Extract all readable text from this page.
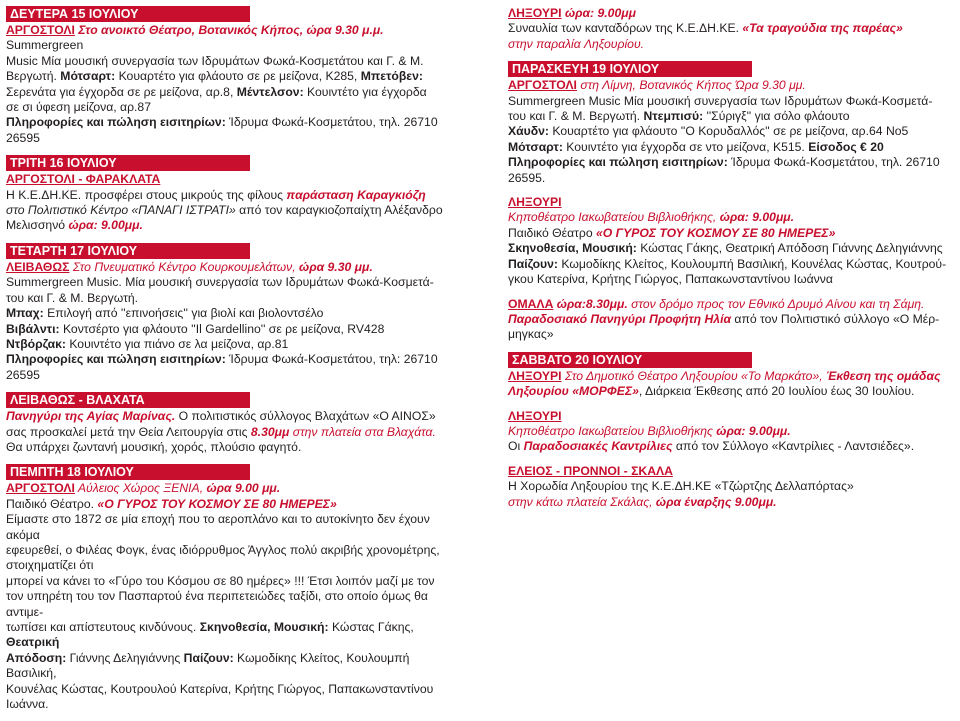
ΔΕΥΤΕΡΑ 15 ΙΟΥΛΙΟΥ

ΑΡΓΟΣΤΟΛΙ Στο ανοικτό Θέατρο, Βοτανικός Κήπος, ώρα 9.30 μ.μ. Summergreen

Music Μία μουσική συνεργασία των Ιδρυμάτων Φωκά-Κοσμετάτου και Γ. & Μ.

Βεργωτή. Μότσαρτ: Κουαρτέτο για φλάουτο σε ρε μείζονα, Κ285, Μπετόβεν:

Σερενάτα για έγχορδα σε ρε μείζονα, αρ.8, Μέντελσον: Κουιντέτο για έγχορδα

σε σι ύφεση μείζονα, αρ.87

Πληροφορίες και πώληση εισιτηρίων: Ίδρυμα Φωκά-Κοσμετάτου, τηλ. 26710 26595

ΤΡΙΤΗ 16 ΙΟΥΛΙΟΥ

ΑΡΓΟΣΤΟΛΙ - ΦΑΡΑΚΛΑΤΑ

Η Κ.Ε.ΔΗ.ΚΕ. προσφέρει στους μικρούς της φίλους παράσταση Καραγκιόζη

στο Πολιτιστικό Κέντρο «ΠΑΝΑΓΙ ΙΣΤΡΑΤΙ» από τον καραγκιοζοπαίχτη Αλέξανδρο

Μελισσηνό ώρα: 9.00μμ.

ΤΕΤΑΡΤΗ 17 ΙΟΥΛΙΟΥ

ΛΕΙΒΑΘΩΣ Στο Πνευματικό Κέντρο Κουρκουμελάτων, ώρα 9.30 μμ.

Summergreen Music. Μία μουσική συνεργασία των Ιδρυμάτων Φωκά-Κοσμετά-

του και Γ. & Μ. Βεργωτή.

Μπαχ: Επιλογή από ''επινοήσεις'' για βιολί και βιολοντσέλο

Βιβάλντι: Κοντσέρτο για φλάουτο ''Il Gardellino'' σε ρε μείζονα, RV428

Ντβόρζακ: Κουιντέτο για πιάνο σε λα μείζονα, αρ.81

Πληροφορίες και πώληση εισιτηρίων: Ίδρυμα Φωκά-Κοσμετάτου, τηλ: 26710 26595

ΛΕΙΒΑΘΩΣ - ΒΛΑΧΑΤΑ

Πανηγύρι της Αγίας Μαρίνας. Ο πολιτιστικός σύλλογος Βλαχάτων «Ο ΑΙΝΟΣ»

σας προσκαλεί μετά την Θεία Λειτουργία στις 8.30μμ στην πλατεία στα Βλαχάτα.

Θα υπάρχει ζωντανή μουσική, χορός, πλούσιο φαγητό.

ΠΕΜΠΤΗ 18 ΙΟΥΛΙΟΥ

ΑΡΓΟΣΤΟΛΙ Αύλειος Χώρος ΞΕΝΙΑ, ώρα 9.00 μμ.

Παιδικό Θέατρο. «Ο ΓΥΡΟΣ ΤΟΥ ΚΟΣΜΟΥ ΣΕ 80 ΗΜΕΡΕΣ»

Είμαστε στο 1872 σε μία εποχή που το αεροπλάνο και το αυτοκίνητο δεν έχουν ακόμα

εφευρεθεί, ο Φιλέας Φογκ, ένας ιδιόρρυθμος Άγγλος πολύ ακριβής χρονομέτρης, στοιχηματίζει ότι

μπορεί να κάνει το «Γύρο του Κόσμου σε 80 ημέρες» !!! Έτσι λοιπόν μαζί με τον

τον υπηρέτη του τον Πασπαρτού ένα περιπετειώδες ταξίδι, στο οποίο όμως θα αντιμε-

τωπίσει και απίστευτους κινδύνους. Σκηνοθεσία, Μουσική: Κώστας Γάκης, Θεατρική

Απόδοση: Γιάννης Δεληγιάννης Παίζουν: Κωμοδίκης Κλείτος, Κουλουμπή Βασιλική,

Κουνέλας Κώστας, Κουτρουλού Κατερίνα, Κρήτης Γιώργος, Παπακωνσταντίνου Ιωάννα.

ΛΗΞΟΥΡΙ ώρα: 9.00μμ

Συναυλία των καντα̇δόρων της Κ.Ε.ΔΗ.ΚΕ. «Τα τραγούδια της παρέας»

στην παραλία Ληξουρίου.

ΠΑΡΑΣΚΕΥΗ 19 ΙΟΥΛΙΟΥ

ΑΡΓΟΣΤΟΛΙ στη Λίμνη, Βοτανικός Κήπος Ώρα 9.30 μμ.

Summergreen Music Μία μουσική συνεργασία των Ιδρυμάτων Φωκά-Κοσμετά-

του και Γ. & Μ. Βεργωτή. Ντεμπισύ: ''Σύριγξ'' για σόλο φλάουτο

Χάυδν: Κουαρτέτο για φλάουτο ''Ο Κορυδαλλός'' σε ρε μείζονα, αρ.64 Νο5

Μότσαρτ: Κουιντέτο για έγχορδα σε ντο μείζονα, Κ515. Είσοδος € 20

Πληροφορίες και πώληση εισιτηρίων: Ίδρυμα Φωκά-Κοσμετάτου, τηλ. 26710 26595.

ΛΗΞΟΥΡΙ

Κηποθέατρο Ιακωβατείου Βιβλιοθήκης, ώρα: 9.00μμ.

Παιδικό Θέατρο «Ο ΓΥΡΟΣ ΤΟΥ ΚΟΣΜΟΥ ΣΕ 80 ΗΜΕΡΕΣ»

Σκηνοθεσία, Μουσική: Κώστας Γάκης, Θεατρική Απόδοση Γιάννης Δεληγιάννης

Παίζουν: Κωμοδίκης Κλείτος, Κουλουμπή Βασιλική, Κουνέλας Κώστας, Κουτρού-

γκου Κατερίνα, Κρήτης Γιώργος, Παπακωνσταντίνου Ιωάννα

ΟΜΑΛΑ ώρα:8.30μμ. στον δρόμο προς τον Εθνικό Δρυμό Αίνου και τη Σάμη.

Παραδοσιακό Πανηγύρι Προφήτη Ηλία από τον Πολιτιστικό σύλλογο «Ο Μέρ-

μηγκας»

ΣΑΒΒΑΤΟ 20 ΙΟΥΛΙΟΥ

ΛΗΞΟΥΡΙ Στο Δημοτικό Θέατρο Ληξουρίου «Το Μαρκάτο», Έκθεση της ομάδας

Ληξουρίου «ΜΟΡΦΕΣ», Διάρκεια Έκθεσης από 20 Ιουλίου έως 30 Ιουλίου.

ΛΗΞΟΥΡΙ

Κηποθέατρο Ιακωβατείου Βιβλιοθήκης ώρα: 9.00μμ.

Οι Παραδοσιακές Καντρίλιες από τον Σύλλογο «Καντρίλιες - Λαντσιέδες».

ΕΛΕΙΟΣ - ΠΡΟΝΝΟΙ - ΣΚΑΛΑ

Η Χορωδία Ληξουρίου της Κ.Ε.ΔΗ.ΚΕ «Τζώρτζης Δελλαπόρτας»

στην κάτω πλατεία Σκάλας, ώρα έναρξης 9.00μμ.
